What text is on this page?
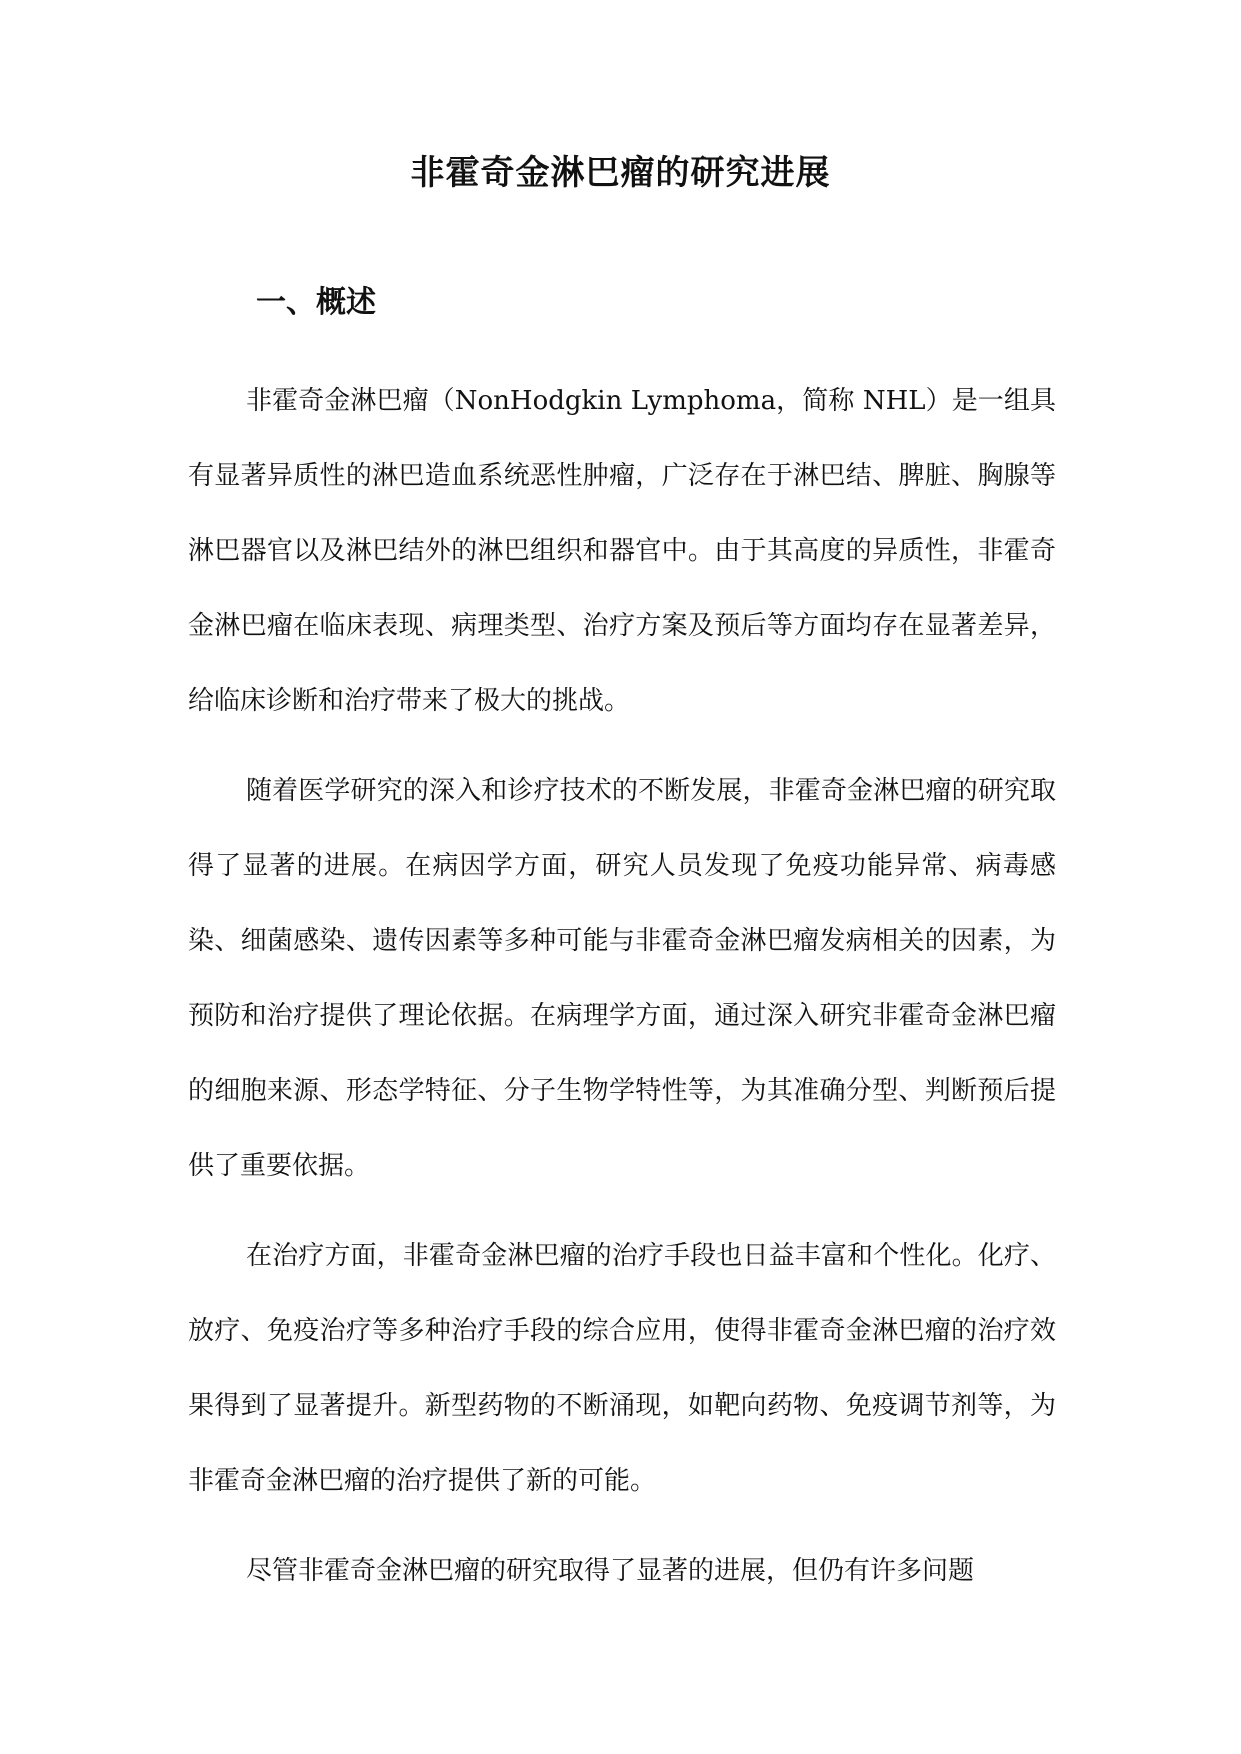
非霍奇金淋巴瘤的研究进展
一、概述

非霍奇金淋巴瘤（NonHodgkin Lymphoma，简称 NHL）是一组具有显著异质性的淋巴造血系统恶性肿瘤，广泛存在于淋巴结、脾脏、胸腺等淋巴器官以及淋巴结外的淋巴组织和器官中。由于其高度的异质性，非霍奇金淋巴瘤在临床表现、病理类型、治疗方案及预后等方面均存在显著差异，给临床诊断和治疗带来了极大的挑战。

随着医学研究的深入和诊疗技术的不断发展，非霍奇金淋巴瘤的研究取得了显著的进展。在病因学方面，研究人员发现了免疫功能异常、病毒感染、细菌感染、遗传因素等多种可能与非霍奇金淋巴瘤发病相关的因素，为预防和治疗提供了理论依据。在病理学方面，通过深入研究非霍奇金淋巴瘤的细胞来源、形态学特征、分子生物学特性等，为其准确分型、判断预后提供了重要依据。

在治疗方面，非霍奇金淋巴瘤的治疗手段也日益丰富和个性化。化疗、放疗、免疫治疗等多种治疗手段的综合应用，使得非霍奇金淋巴瘤的治疗效果得到了显著提升。新型药物的不断涌现，如靶向药物、免疫调节剂等，为非霍奇金淋巴瘤的治疗提供了新的可能。

尽管非霍奇金淋巴瘤的研究取得了显著的进展，但仍有许多问题
